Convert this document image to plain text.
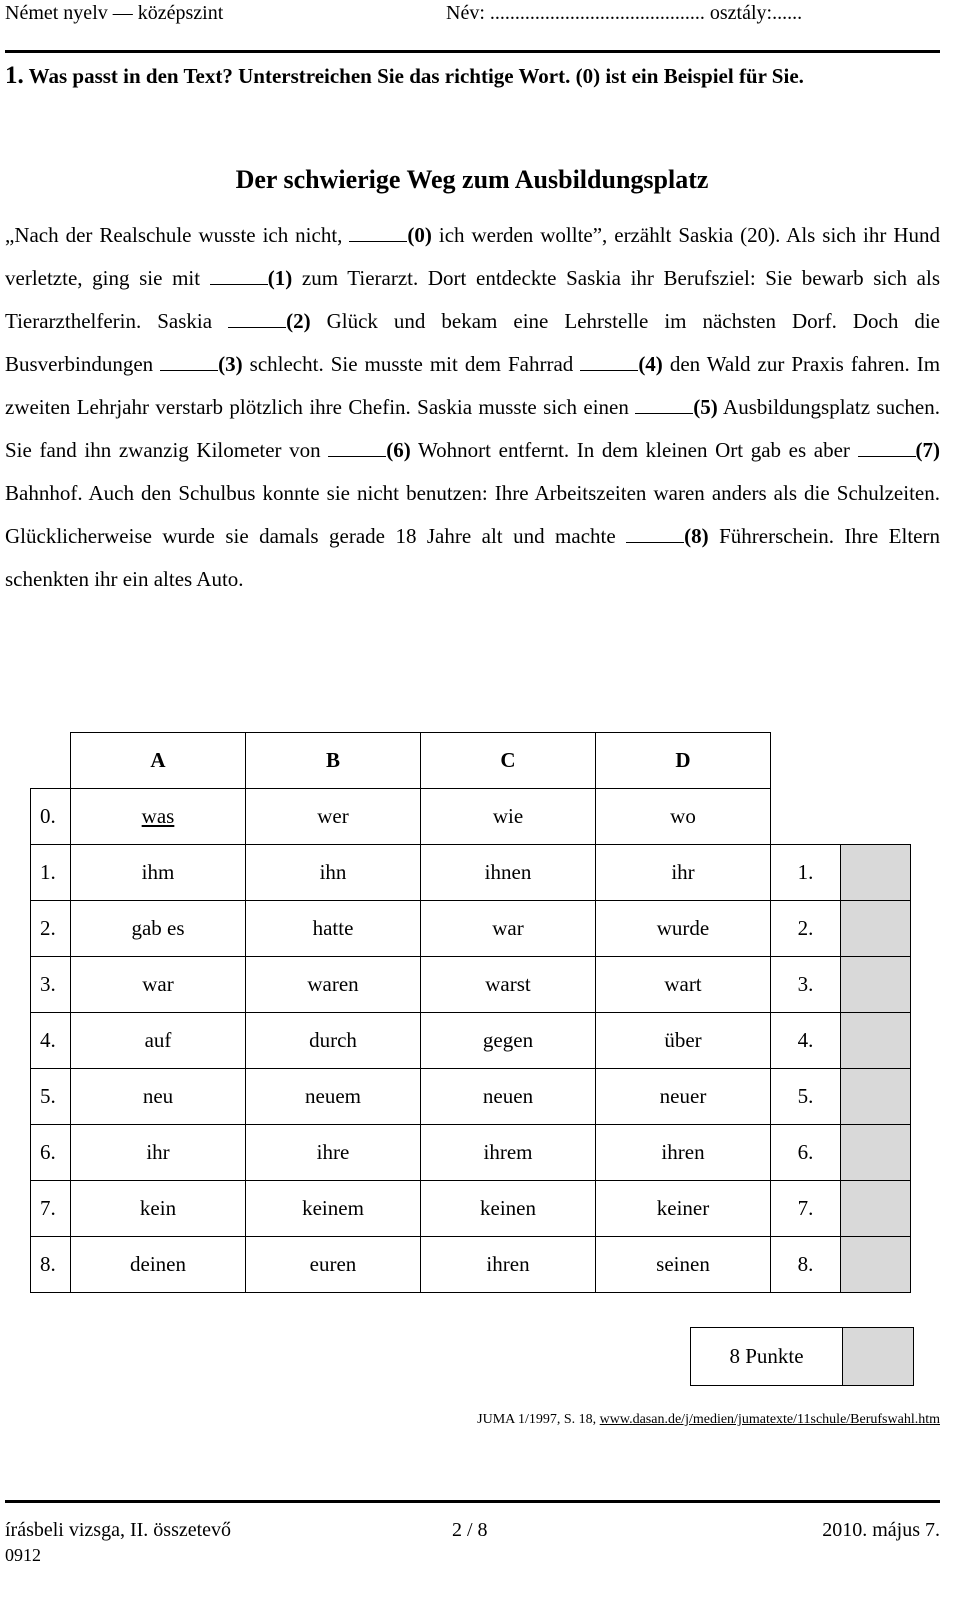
Német nyelv — középszint	Név: ........................................... osztály:......
1. Was passt in den Text? Unterstreichen Sie das richtige Wort. (0) ist ein Beispiel für Sie.
Der schwierige Weg zum Ausbildungsplatz
„Nach der Realschule wusste ich nicht,	(0) ich werden wollte”, erzählt Saskia (20). Als sich ihr Hund verletzte, ging sie mit	(1) zum Tierarzt. Dort entdeckte Saskia ihr Berufsziel: Sie bewarb sich als Tierarzthelferin. Saskia	(2) Glück und bekam eine Lehrstelle im nächsten Dorf. Doch die Busverbindungen	(3) schlecht. Sie musste mit dem Fahrrad	(4) den Wald zur Praxis fahren. Im zweiten Lehrjahr verstarb plötzlich ihre Chefin. Saskia musste sich einen	(5) Ausbildungsplatz suchen. Sie fand ihn zwanzig Kilometer von	(6) Wohnort entfernt. In dem kleinen Ort gab es aber	(7) Bahnhof. Auch den Schulbus konnte sie nicht benutzen: Ihre Arbeitszeiten waren anders als die Schulzeiten. Glücklicherweise wurde sie damals gerade 18 Jahre alt und machte	(8) Führerschein. Ihre Eltern schenkten ihr ein altes Auto.
	A	B	C	D		
0.	was	wer	wie	wo		
1.	ihm	ihn	ihnen	ihr	1.	
2.	gab es	hatte	war	wurde	2.	
3.	war	waren	warst	wart	3.	
4.	auf	durch	gegen	über	4.	
5.	neu	neuem	neuen	neuer	5.	
6.	ihr	ihre	ihrem	ihren	6.	
7.	kein	keinem	keinen	keiner	7.	
8.	deinen	euren	ihren	seinen	8.	
8 Punkte	
JUMA 1/1997, S. 18, www.dasan.de/j/medien/jumatexte/11schule/Berufswahl.htm
írásbeli vizsga, II. összetevő	2 / 8	2010. május 7.
0912
